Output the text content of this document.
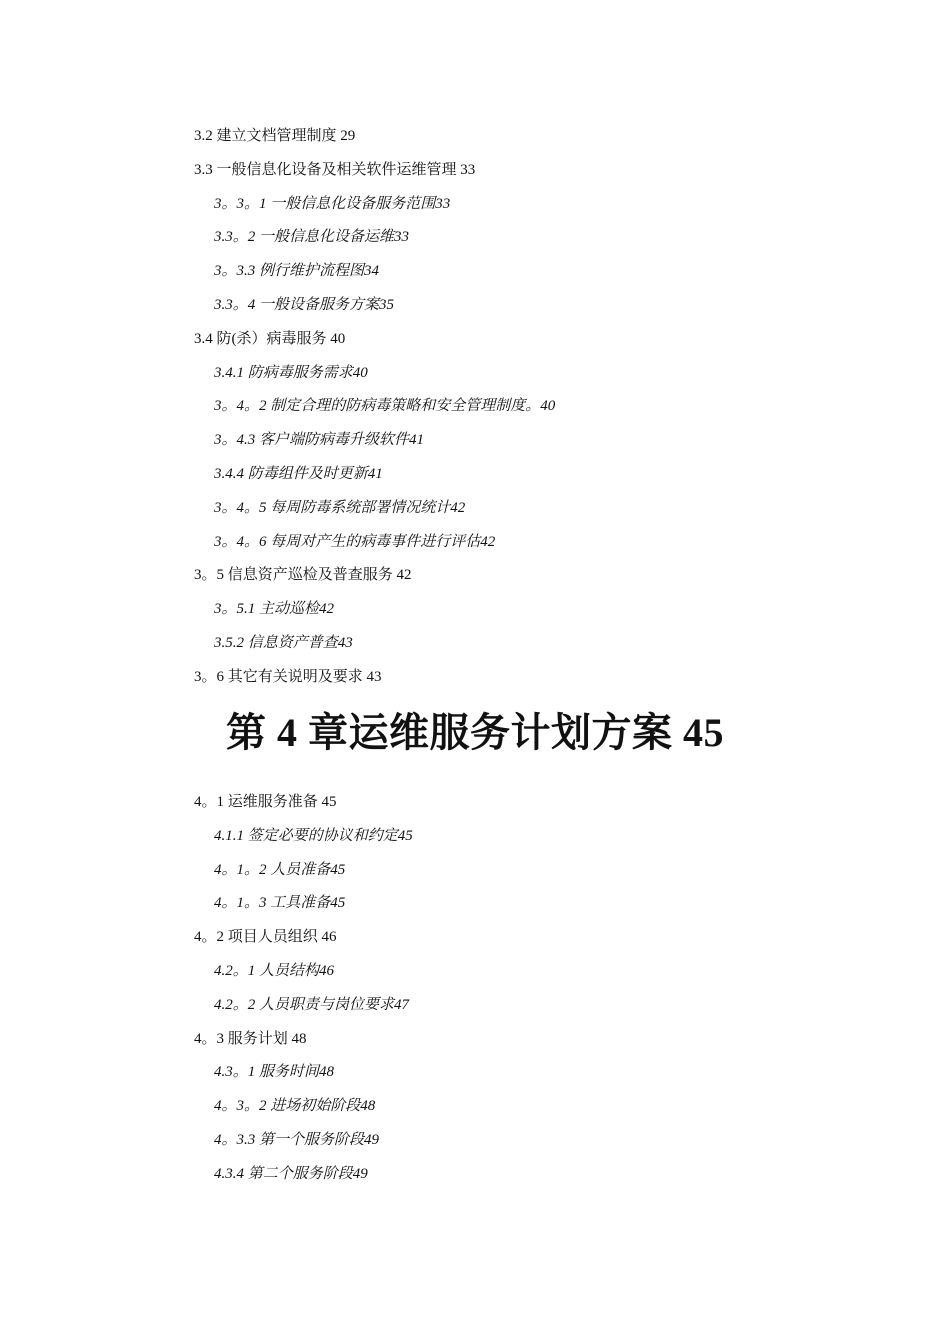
3.2 建立文档管理制度 29
3.3 一般信息化设备及相关软件运维管理 33
3。3。1 一般信息化设备服务范围33
3.3。2 一般信息化设备运维33
3。3.3 例行维护流程图34
3.3。4 一般设备服务方案35
3.4 防(杀）病毒服务 40
3.4.1 防病毒服务需求40
3。4。2 制定合理的防病毒策略和安全管理制度。40
3。4.3 客户端防病毒升级软件41
3.4.4 防毒组件及时更新41
3。4。5 每周防毒系统部署情况统计42
3。4。6 每周对产生的病毒事件进行评估42
3。5 信息资产巡检及普查服务 42
3。5.1 主动巡检42
3.5.2 信息资产普查43
3。6 其它有关说明及要求 43
第 4 章运维服务计划方案 45
4。1 运维服务准备 45
4.1.1 签定必要的协议和约定45
4。1。2 人员准备45
4。1。3 工具准备45
4。2 项目人员组织 46
4.2。1 人员结构46
4.2。2 人员职责与岗位要求47
4。3 服务计划 48
4.3。1 服务时间48
4。3。2 进场初始阶段48
4。3.3 第一个服务阶段49
4.3.4 第二个服务阶段49
